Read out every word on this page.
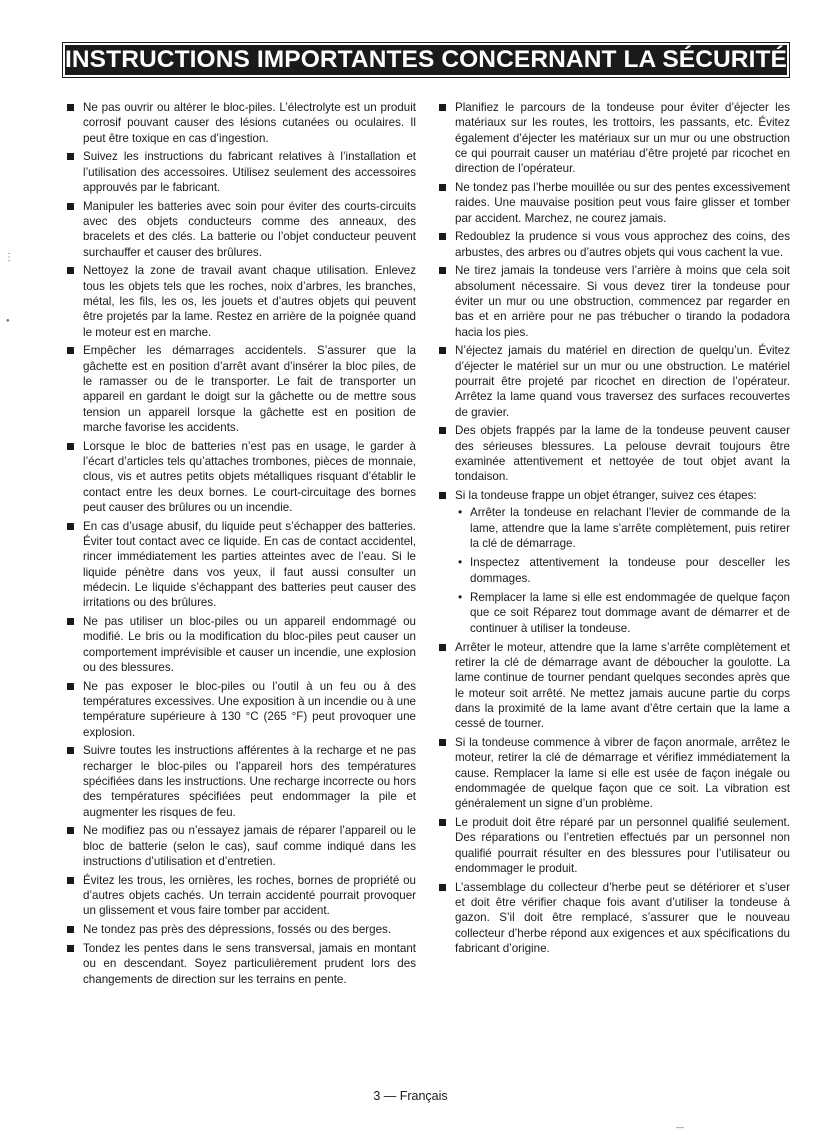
INSTRUCTIONS IMPORTANTES CONCERNANT LA SÉCURITÉ
Ne pas ouvrir ou altérer le bloc-piles. L’électrolyte est un produit corrosif pouvant causer des lésions cutanées ou oculaires. Il peut être toxique en cas d’ingestion.
Suivez les instructions du fabricant relatives à l’installation et l’utilisation des accessoires. Utilisez seulement des accessoires approuvés par le fabricant.
Manipuler les batteries avec soin pour éviter des courts-circuits avec des objets conducteurs comme des anneaux, des bracelets et des clés. La batterie ou l’objet conducteur peuvent surchauffer et causer des brûlures.
Nettoyez la zone de travail avant chaque utilisation. Enlevez tous les objets tels que les roches, noix d’arbres, les branches, métal, les fils, les os, les jouets et d’autres objets qui peuvent être projetés par la lame. Restez en arrière de la poignée quand le moteur est en marche.
Empêcher les démarrages accidentels. S’assurer que la gâchette est en position d’arrêt avant d’insérer la bloc piles, de le ramasser ou de le transporter. Le fait de transporter un appareil en gardant le doigt sur la gâchette ou de mettre sous tension un appareil lorsque la gâchette est en position de marche favorise les accidents.
Lorsque le bloc de batteries n’est pas en usage, le garder à l’écart d’articles tels qu’attaches trombones, pièces de monnaie, clous, vis et autres petits objets métalliques risquant d’établir le contact entre les deux bornes. Le court-circuitage des bornes peut causer des brûlures ou un incendie.
En cas d’usage abusif, du liquide peut s’échapper des batteries. Éviter tout contact avec ce liquide. En cas de contact accidentel, rincer immédiatement les parties atteintes avec de l’eau. Si le liquide pénètre dans vos yeux, il faut aussi consulter un médecin. Le liquide s’échappant des batteries peut causer des irritations ou des brûlures.
Ne pas utiliser un bloc-piles ou un appareil endommagé ou modifié. Le bris ou la modification du bloc-piles peut causer un comportement imprévisible et causer un incendie, une explosion ou des blessures.
Ne pas exposer le bloc-piles ou l’outil à un feu ou à des températures excessives. Une exposition à un incendie ou à une température supérieure à 130 °C (265 °F) peut provoquer une explosion.
Suivre toutes les instructions afférentes à la recharge et ne pas recharger le bloc-piles ou l’appareil hors des températures spécifiées dans les instructions. Une recharge incorrecte ou hors des températures spécifiées peut endommager la pile et augmenter les risques de feu.
Ne modifiez pas ou n’essayez jamais de réparer l’appareil ou le bloc de batterie (selon le cas), sauf comme indiqué dans les instructions d’utilisation et d’entretien.
Évitez les trous, les ornières, les roches, bornes de propriété ou d’autres objets cachés. Un terrain accidenté pourrait provoquer un glissement et vous faire tomber par accident.
Ne tondez pas près des dépressions, fossés ou des berges.
Tondez les pentes dans le sens transversal, jamais en montant ou en descendant. Soyez particulièrement prudent lors des changements de direction sur les terrains en pente.
Planifiez le parcours de la tondeuse pour éviter d’éjecter les matériaux sur les routes, les trottoirs, les passants, etc. Évitez également d’éjecter les matériaux sur un mur ou une obstruction ce qui pourrait causer un matériau d’être projeté par ricochet en direction de l’opérateur.
Ne tondez pas l’herbe mouillée ou sur des pentes excessivement raides. Une mauvaise position peut vous faire glisser et tomber par accident. Marchez, ne courez jamais.
Redoublez la prudence si vous vous approchez des coins, des arbustes, des arbres ou d’autres objets qui vous cachent la vue.
Ne tirez jamais la tondeuse vers l’arrière à moins que cela soit absolument nécessaire. Si vous devez tirer la tondeuse pour éviter un mur ou une obstruction, commencez par regarder en bas et en arrière pour ne pas trébucher o tirando la podadora hacia los pies.
N’éjectez jamais du matériel en direction de quelqu’un. Évitez d’éjecter le matériel sur un mur ou une obstruction. Le matériel pourrait être projeté par ricochet en direction de l’opérateur. Arrêtez la lame quand vous traversez des surfaces recouvertes de gravier.
Des objets frappés par la lame de la tondeuse peuvent causer des sérieuses blessures. La pelouse devrait toujours être examinée attentivement et nettoyée de tout objet avant la tondaison.
Si la tondeuse frappe un objet étranger, suivez ces étapes:
• Arrêter la tondeuse en relachant l’levier de commande de la lame, attendre que la lame s’arrête complètement, puis retirer la clé de démarrage.
• Inspectez attentivement la tondeuse pour desceller les dommages.
• Remplacer la lame si elle est endommagée de quelque façon que ce soit Réparez tout dommage avant de démarrer et de continuer à utiliser la tondeuse.
Arrêter le moteur, attendre que la lame s’arrête complètement et retirer la clé de démarrage avant de déboucher la goulotte. La lame continue de tourner pendant quelques secondes après que le moteur soit arrêté. Ne mettez jamais aucune partie du corps dans la proximité de la lame avant d’être certain que la lame a cessé de tourner.
Si la tondeuse commence à vibrer de façon anormale, arrêtez le moteur, retirer la clé de démarrage et vérifiez immédiatement la cause. Remplacer la lame si elle est usée de façon inégale ou endommagée de quelque façon que ce soit. La vibration est généralement un signe d’un problème.
Le produit doit être réparé par un personnel qualifié seulement. Des réparations ou l’entretien effectués par un personnel non qualifié pourrait résulter en des blessures pour l’utilisateur ou endommager le produit.
L’assemblage du collecteur d’herbe peut se détériorer et s’user et doit être vérifier chaque fois avant d’utiliser la tondeuse à gazon. S’il doit être remplacé, s’assurer que le nouveau collecteur d’herbe répond aux exigences et aux spécifications du fabricant d’origine.
3 — Français
⋮
●
—
